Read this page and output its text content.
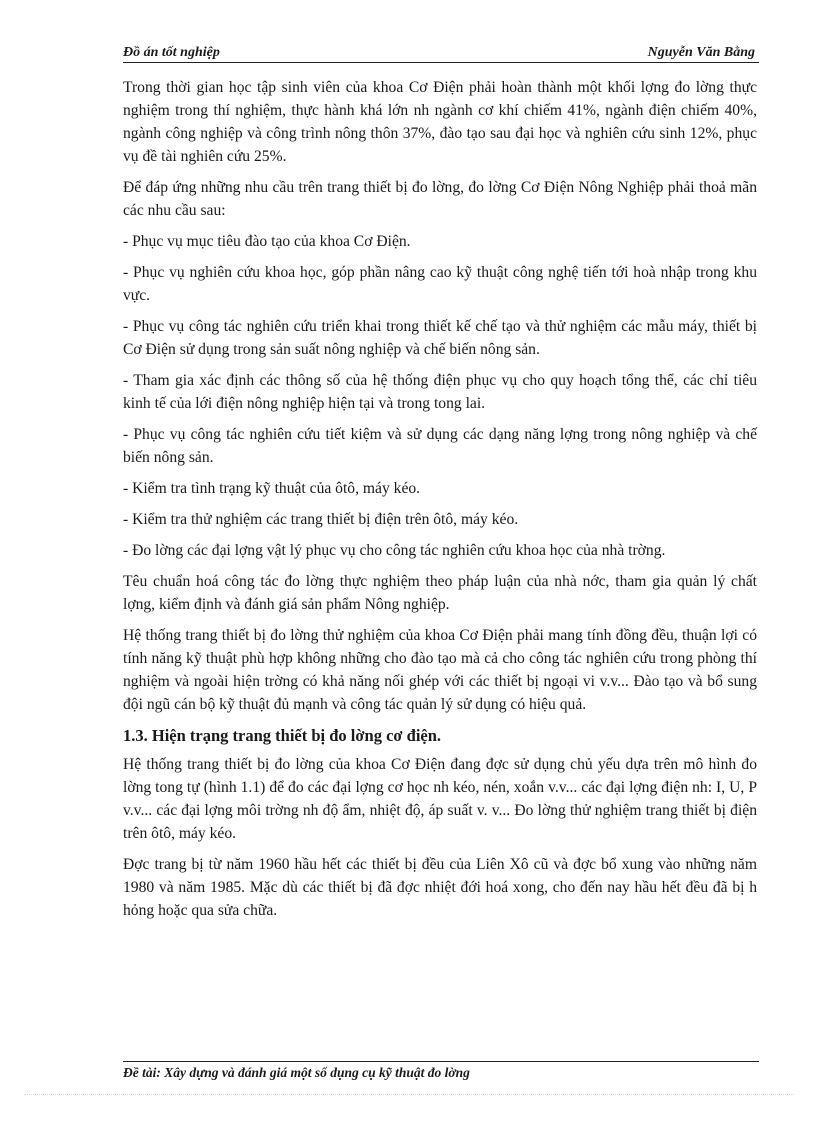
Đồ án tốt nghiệp	Nguyễn Văn Bằng

Trong thời gian học tập sinh viên của khoa Cơ Điện phải hoàn thành một khối lợng đo lờng thực nghiệm trong thí nghiệm, thực hành khá lớn nh ngành cơ khí chiếm 41%, ngành điện chiếm 40%, ngành công nghiệp và công trình nông thôn 37%, đào tạo sau đại học và nghiên cứu sinh 12%, phục vụ đề tài nghiên cứu 25%.

Để đáp ứng những nhu cầu trên trang thiết bị đo lờng, đo lờng Cơ Điện Nông Nghiệp phải thoả mãn các nhu cầu sau:

- Phục vụ mục tiêu đào tạo của khoa Cơ Điện.

- Phục vụ nghiên cứu khoa học, góp phần nâng cao kỹ thuật công nghệ tiến tới hoà nhập trong khu vực.

- Phục vụ công tác nghiên cứu triển khai trong thiết kế chế tạo và thử nghiệm các mẫu máy, thiết bị Cơ Điện sử dụng trong sản suất nông nghiệp và chế biến nông sản.

- Tham gia xác định các thông số của hệ thống điện phục vụ cho quy hoạch tổng thể, các chỉ tiêu kinh tế của lới điện nông nghiệp hiện tại và trong tong lai.

- Phục vụ công tác nghiên cứu tiết kiệm và sử dụng các dạng năng lợng trong nông nghiệp và chế biến nông sản.

- Kiểm tra tình trạng kỹ thuật của ôtô, máy kéo.

- Kiểm tra thử nghiệm các trang thiết bị điện trên ôtô, máy kéo.

- Đo lờng các đại lợng vật lý phục vụ cho công tác nghiên cứu khoa học của nhà trờng.

Têu chuẩn hoá công tác đo lờng thực nghiệm theo pháp luận của nhà nớc, tham gia quản lý chất lợng, kiểm định và đánh giá sản phẩm Nông nghiệp.

Hệ thống trang thiết bị đo lờng thử nghiệm của khoa Cơ Điện phải mang tính đồng đều, thuận lợi có tính năng kỹ thuật phù hợp không những cho đào tạo mà cả cho công tác nghiên cứu trong phòng thí nghiệm và ngoài hiện trờng có khả năng nối ghép với các thiết bị ngoại vi v.v... Đào tạo và bổ sung đội ngũ cán bộ kỹ thuật đủ mạnh và công tác quản lý sử dụng có hiệu quả.

1.3. Hiện trạng trang thiết bị đo lờng cơ điện.

Hệ thống trang thiết bị đo lờng của khoa Cơ Điện đang đợc sử dụng chủ yếu dựa trên mô hình đo lờng tong tự (hình 1.1) để đo các đại lợng cơ học nh kéo, nén, xoắn v.v... các đại lợng điện nh: I, U, P v.v... các đại lợng môi trờng nh độ ẩm, nhiệt độ, áp suất v. v... Đo lờng thử nghiệm trang thiết bị điện trên ôtô, máy kéo.

Đợc trang bị từ năm 1960 hầu hết các thiết bị đều của Liên Xô cũ và đợc bổ xung vào những năm 1980 và năm 1985. Mặc dù các thiết bị đã đợc nhiệt đới hoá xong, cho đến nay hầu hết đều đã bị h hỏng hoặc qua sửa chữa.

Đề tài: Xây dựng và đánh giá một số dụng cụ kỹ thuật đo lờng
